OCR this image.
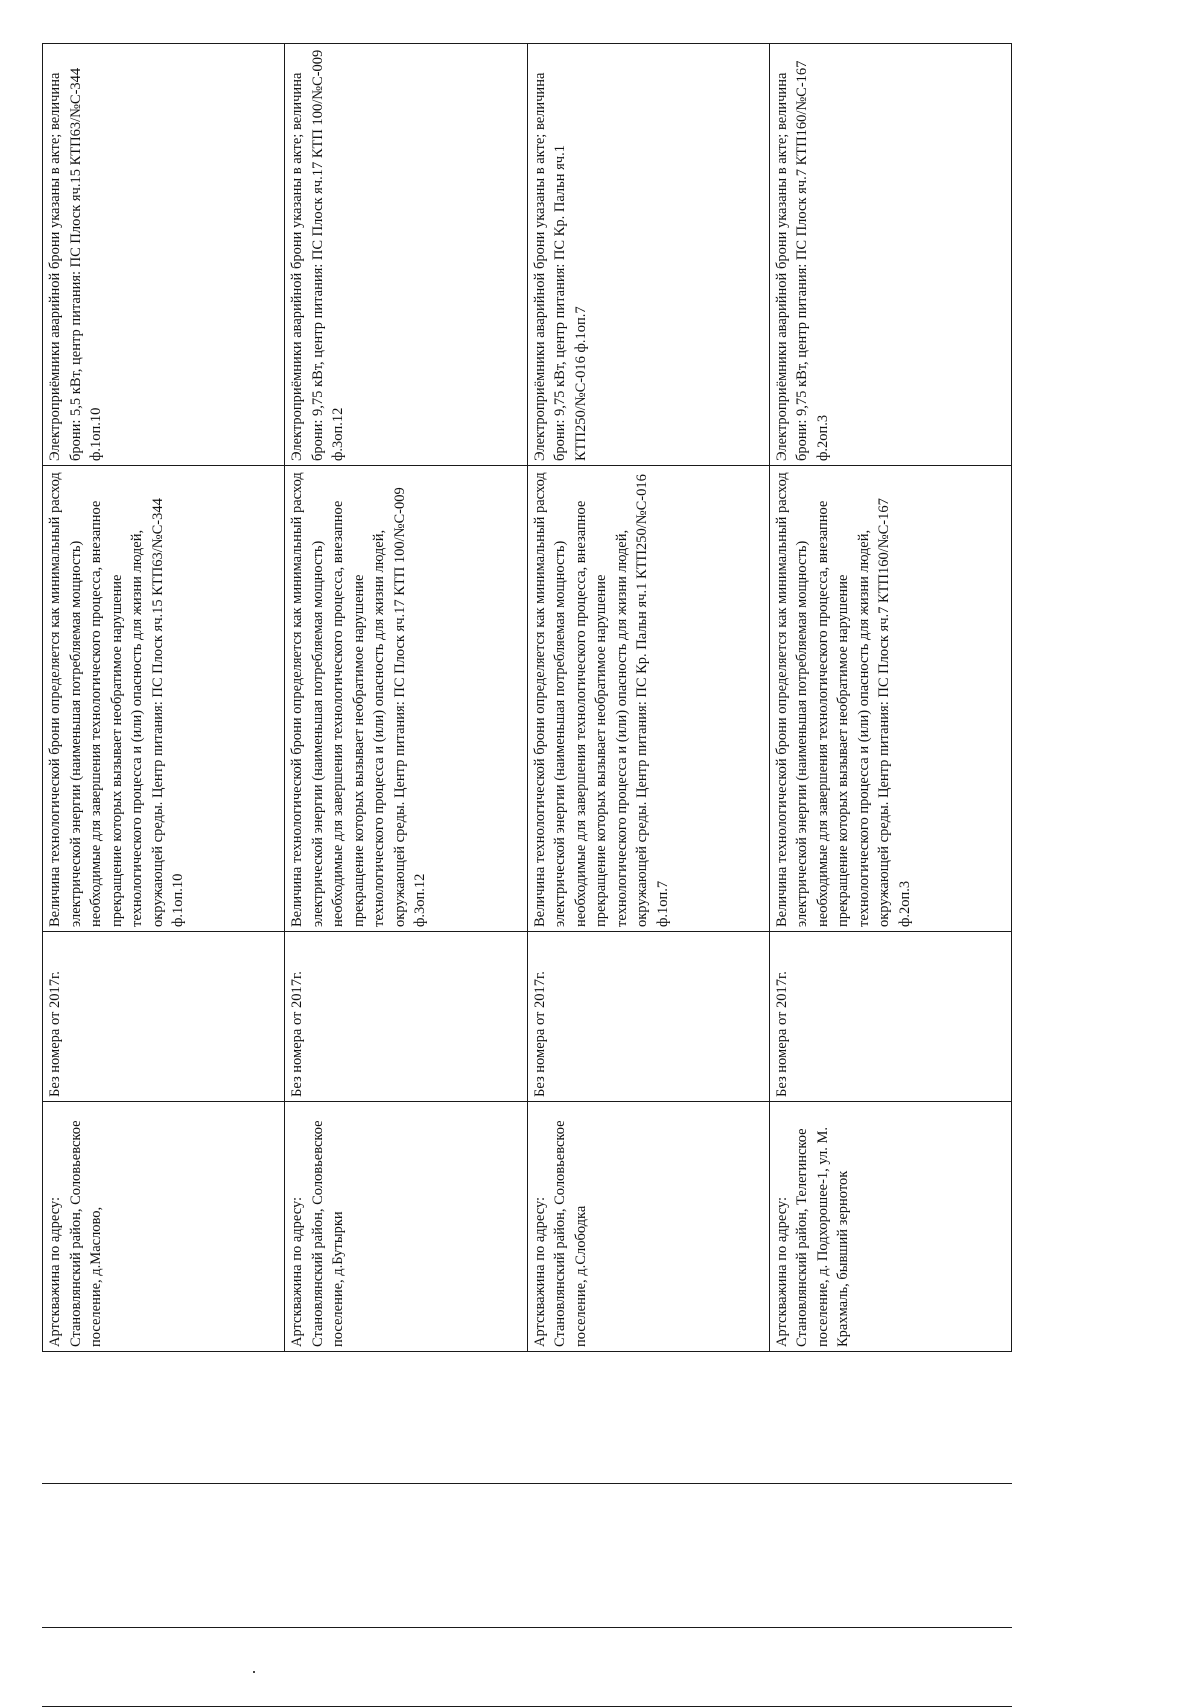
Артскважина по адресу: Становлянский район, Соловьевское поселение, д.Маслово,	Без номера от 2017г.	Величина технологической брони определяется как минимальный расход электрической энергии (наименьшая потребляемая мощность) необходимые для завершения технологического процесса, внезапное прекращение которых вызывает необратимое нарушение технологического процесса и (или) опасность для жизни людей, окружающей среды. Центр питания: ПС Плоск яч.15 КТП63/№С-344 ф.1оп.10	Электроприёмники аварийной брони указаны в акте; величина брони: 5,5 кВт, центр питания: ПС Плоск яч.15 КТП63/№С-344 ф.1оп.10
Артскважина по адресу: Становлянский район, Соловьевское поселение, д.Бутырки	Без номера от 2017г.	Величина технологической брони определяется как минимальный расход электрической энергии (наименьшая потребляемая мощность) необходимые для завершения технологического процесса, внезапное прекращение которых вызывает необратимое нарушение технологического процесса и (или) опасность для жизни людей, окружающей среды. Центр питания: ПС Плоск яч.17 КТП 100/№С-009 ф.3оп.12	Электроприёмники аварийной брони указаны в акте; величина брони: 9,75 кВт, центр питания: ПС Плоск яч.17 КТП 100/№С-009 ф.3оп.12
Артскважина по адресу: Становлянский район, Соловьевское поселение, д.Слободка	Без номера от 2017г.	Величина технологической брони определяется как минимальный расход электрической энергии (наименьшая потребляемая мощность) необходимые для завершения технологического процесса, внезапное прекращение которых вызывает необратимое нарушение технологического процесса и (или) опасность для жизни людей, окружающей среды. Центр питания: ПС Кр. Пальн яч.1 КТП250/№С-016 ф.1оп.7	Электроприёмники аварийной брони указаны в акте; величина брони: 9,75 кВт, центр питания: ПС Кр. Пальн яч.1 КТП250/№С-016 ф.1оп.7
Артскважина по адресу: Становлянский район, Телегинское поселение, д. Подхорошее-1, ул. М. Крахмаль, бывший зерноток	Без номера от 2017г.	Величина технологической брони определяется как минимальный расход электрической энергии (наименьшая потребляемая мощность) необходимые для завершения технологического процесса, внезапное прекращение которых вызывает необратимое нарушение технологического процесса и (или) опасность для жизни людей, окружающей среды. Центр питания: ПС Плоск яч.7 КТП160/№С-167 ф.2оп.3	Электроприёмники аварийной брони указаны в акте; величина брони: 9,75 кВт, центр питания: ПС Плоск яч.7 КТП160/№С-167 ф.2оп.3
